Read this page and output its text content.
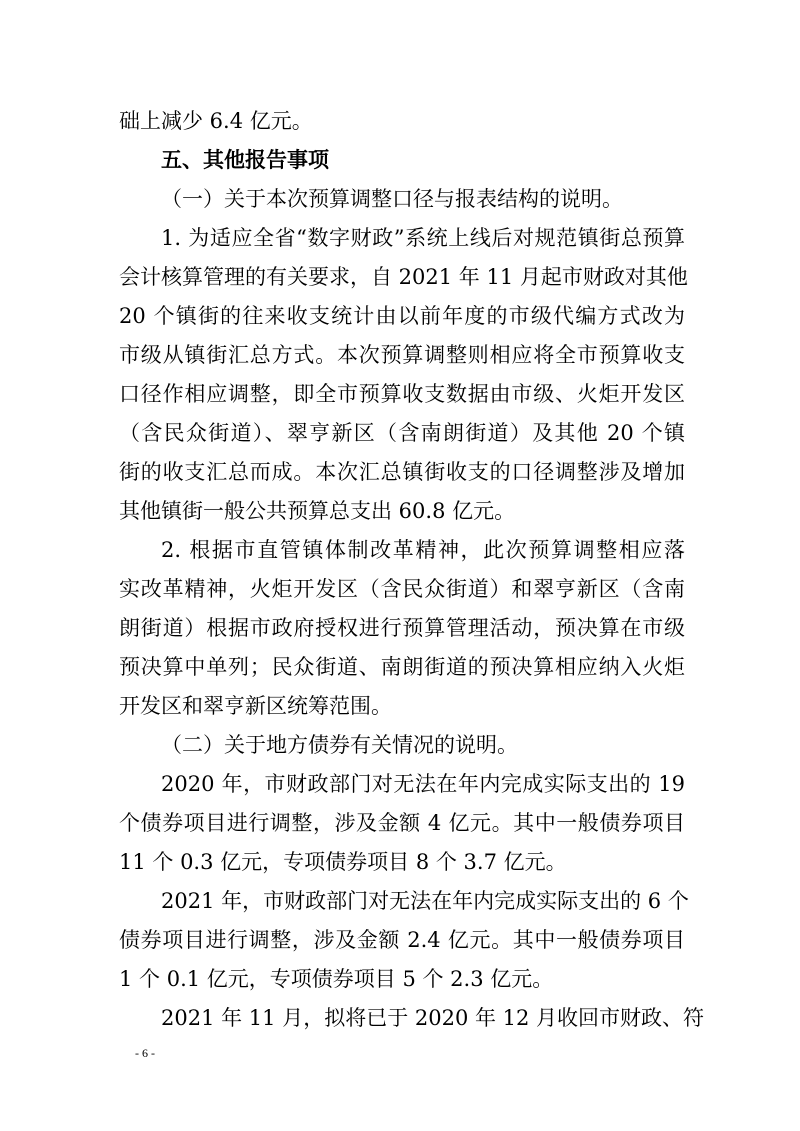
础上减少 6.4 亿元。
五、其他报告事项
（一）关于本次预算调整口径与报表结构的说明。
1. 为适应全省“数字财政”系统上线后对规范镇街总预算
会计核算管理的有关要求，自 2021 年 11 月起市财政对其他
20 个镇街的往来收支统计由以前年度的市级代编方式改为
市级从镇街汇总方式。本次预算调整则相应将全市预算收支
口径作相应调整，即全市预算收支数据由市级、火炬开发区
（含民众街道）、翠亨新区（含南朗街道）及其他 20 个镇
街的收支汇总而成。本次汇总镇街收支的口径调整涉及增加
其他镇街一般公共预算总支出 60.8 亿元。
2. 根据市直管镇体制改革精神，此次预算调整相应落
实改革精神，火炬开发区（含民众街道）和翠亨新区（含南
朗街道）根据市政府授权进行预算管理活动，预决算在市级
预决算中单列；民众街道、南朗街道的预决算相应纳入火炬
开发区和翠亨新区统筹范围。
（二）关于地方债券有关情况的说明。
2020 年，市财政部门对无法在年内完成实际支出的 19
个债券项目进行调整，涉及金额 4 亿元。其中一般债券项目
11 个 0.3 亿元，专项债券项目 8 个 3.7 亿元。
2021 年，市财政部门对无法在年内完成实际支出的 6 个
债券项目进行调整，涉及金额 2.4 亿元。其中一般债券项目
1 个 0.1 亿元，专项债券项目 5 个 2.3 亿元。
2021 年 11 月，拟将已于 2020 年 12 月收回市财政、符
- 6 -
